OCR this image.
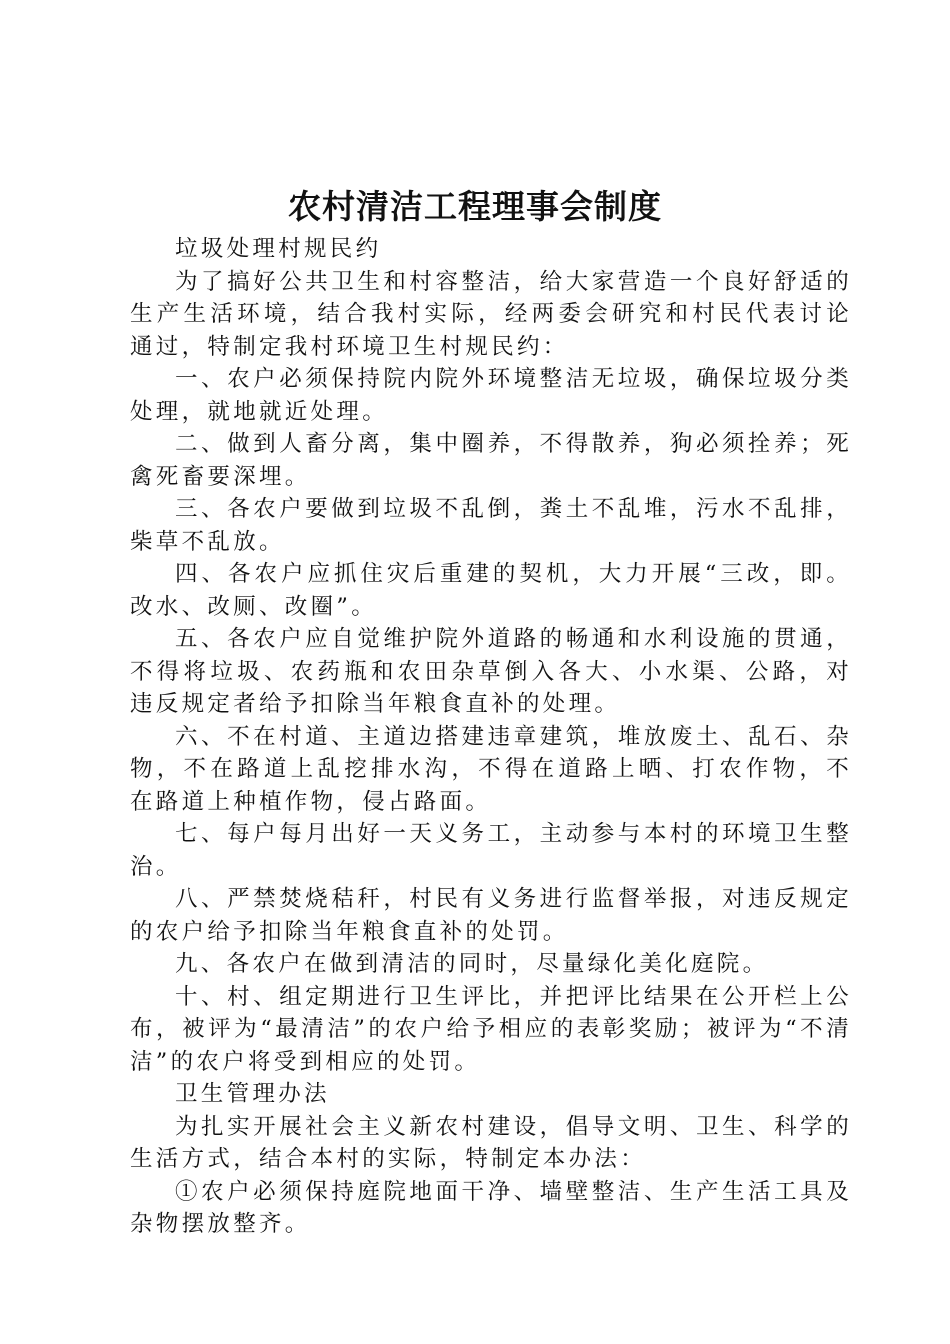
农村清洁工程理事会制度

垃圾处理村规民约

为了搞好公共卫生和村容整洁，给大家营造一个良好舒适的生产生活环境，结合我村实际，经两委会研究和村民代表讨论通过，特制定我村环境卫生村规民约：

一、农户必须保持院内院外环境整洁无垃圾，确保垃圾分类处理，就地就近处理。

二、做到人畜分离，集中圈养，不得散养，狗必须拴养；死禽死畜要深埋。

三、各农户要做到垃圾不乱倒，粪土不乱堆，污水不乱排，柴草不乱放。

四、各农户应抓住灾后重建的契机，大力开展“三改，即。改水、改厕、改圈”。

五、各农户应自觉维护院外道路的畅通和水利设施的贯通，不得将垃圾、农药瓶和农田杂草倒入各大、小水渠、公路，对违反规定者给予扣除当年粮食直补的处理。

六、不在村道、主道边搭建违章建筑，堆放废土、乱石、杂物，不在路道上乱挖排水沟，不得在道路上晒、打农作物，不在路道上种植作物，侵占路面。

七、每户每月出好一天义务工，主动参与本村的环境卫生整治。

八、严禁焚烧秸秆，村民有义务进行监督举报，对违反规定的农户给予扣除当年粮食直补的处罚。

九、各农户在做到清洁的同时，尽量绿化美化庭院。

十、村、组定期进行卫生评比，并把评比结果在公开栏上公布，被评为“最清洁”的农户给予相应的表彰奖励；被评为“不清洁”的农户将受到相应的处罚。

卫生管理办法

为扎实开展社会主义新农村建设，倡导文明、卫生、科学的生活方式，结合本村的实际，特制定本办法：

①农户必须保持庭院地面干净、墙壁整洁、生产生活工具及杂物摆放整齐。
